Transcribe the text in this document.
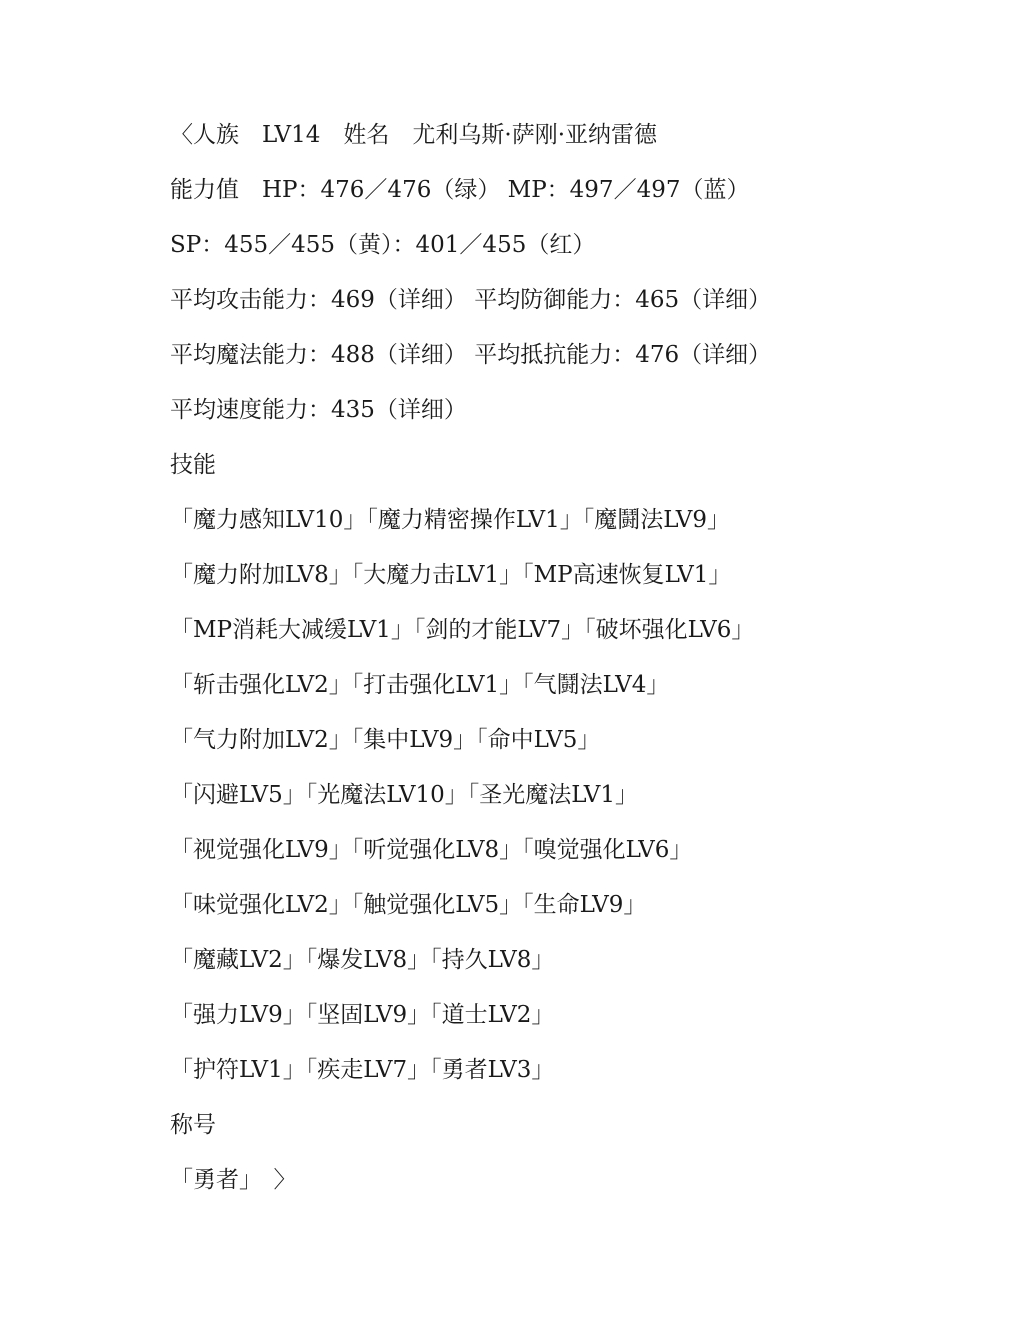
〈人族　LV14　姓名　尤利乌斯·萨刚·亚纳雷德
能力值　HP：476／476（绿） MP：497／497（蓝）
SP：455／455（黄）：401／455（红）
平均攻击能力：469（详细） 平均防御能力：465（详细）
平均魔法能力：488（详细） 平均抵抗能力：476（详细）
平均速度能力：435（详细）
技能
「魔力感知LV10」「魔力精密操作LV1」「魔鬪法LV9」
「魔力附加LV8」「大魔力击LV1」「MP高速恢复LV1」
「MP消耗大减缓LV1」「剑的才能LV7」「破坏强化LV6」
「斩击强化LV2」「打击强化LV1」「气鬪法LV4」
「气力附加LV2」「集中LV9」「命中LV5」
「闪避LV5」「光魔法LV10」「圣光魔法LV1」
「视觉强化LV9」「听觉强化LV8」「嗅觉强化LV6」
「味觉强化LV2」「触觉强化LV5」「生命LV9」
「魔藏LV2」「爆发LV8」「持久LV8」
「强力LV9」「坚固LV9」「道士LV2」
「护符LV1」「疾走LV7」「勇者LV3」
称号
「勇者」　〉
